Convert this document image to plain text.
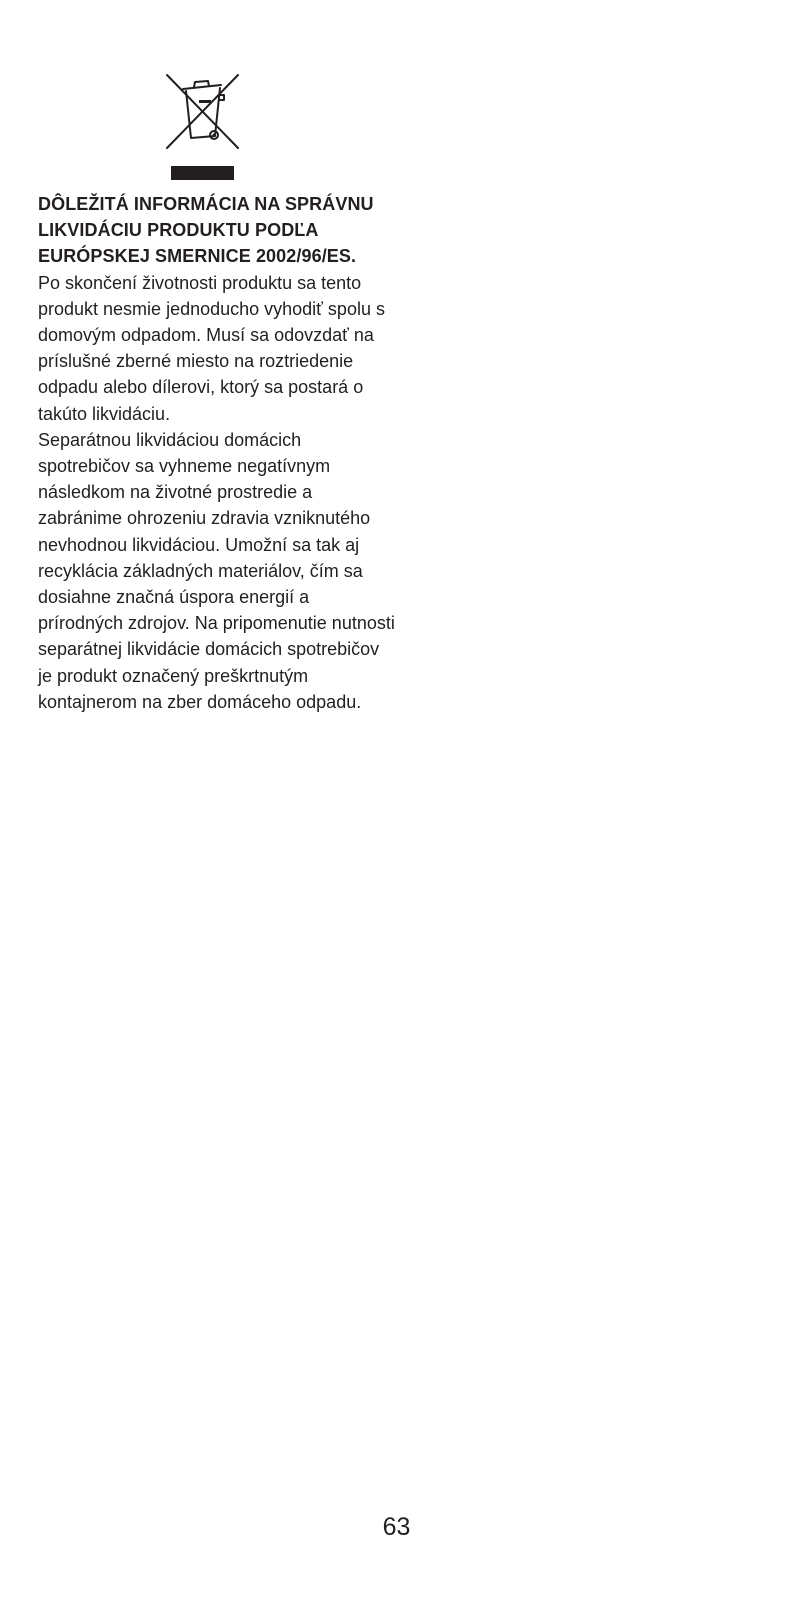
DÔLEŽITÁ INFORMÁCIA NA SPRÁVNU LIKVIDÁCIU PRODUKTU PODĽA EURÓPSKEJ SMERNICE 2002/96/ES.

Po skončení životnosti produktu sa tento produkt nesmie jednoducho vyhodiť spolu s domovým odpadom. Musí sa odovzdať na príslušné zberné miesto na roztriedenie odpadu alebo dílerovi, ktorý sa postará o takúto likvidáciu.

Separátnou likvidáciou domácich spotrebičov sa vyhneme negatívnym následkom na životné prostredie a zabránime ohrozeniu zdravia vzniknutého nevhodnou likvidáciou. Umožní sa tak aj recyklácia základných materiálov, čím sa dosiahne značná úspora energií a prírodných zdrojov. Na pripomenutie nutnosti separátnej likvidácie domácich spotrebičov je produkt označený preškrtnutým kontajnerom na zber domáceho odpadu.

63
